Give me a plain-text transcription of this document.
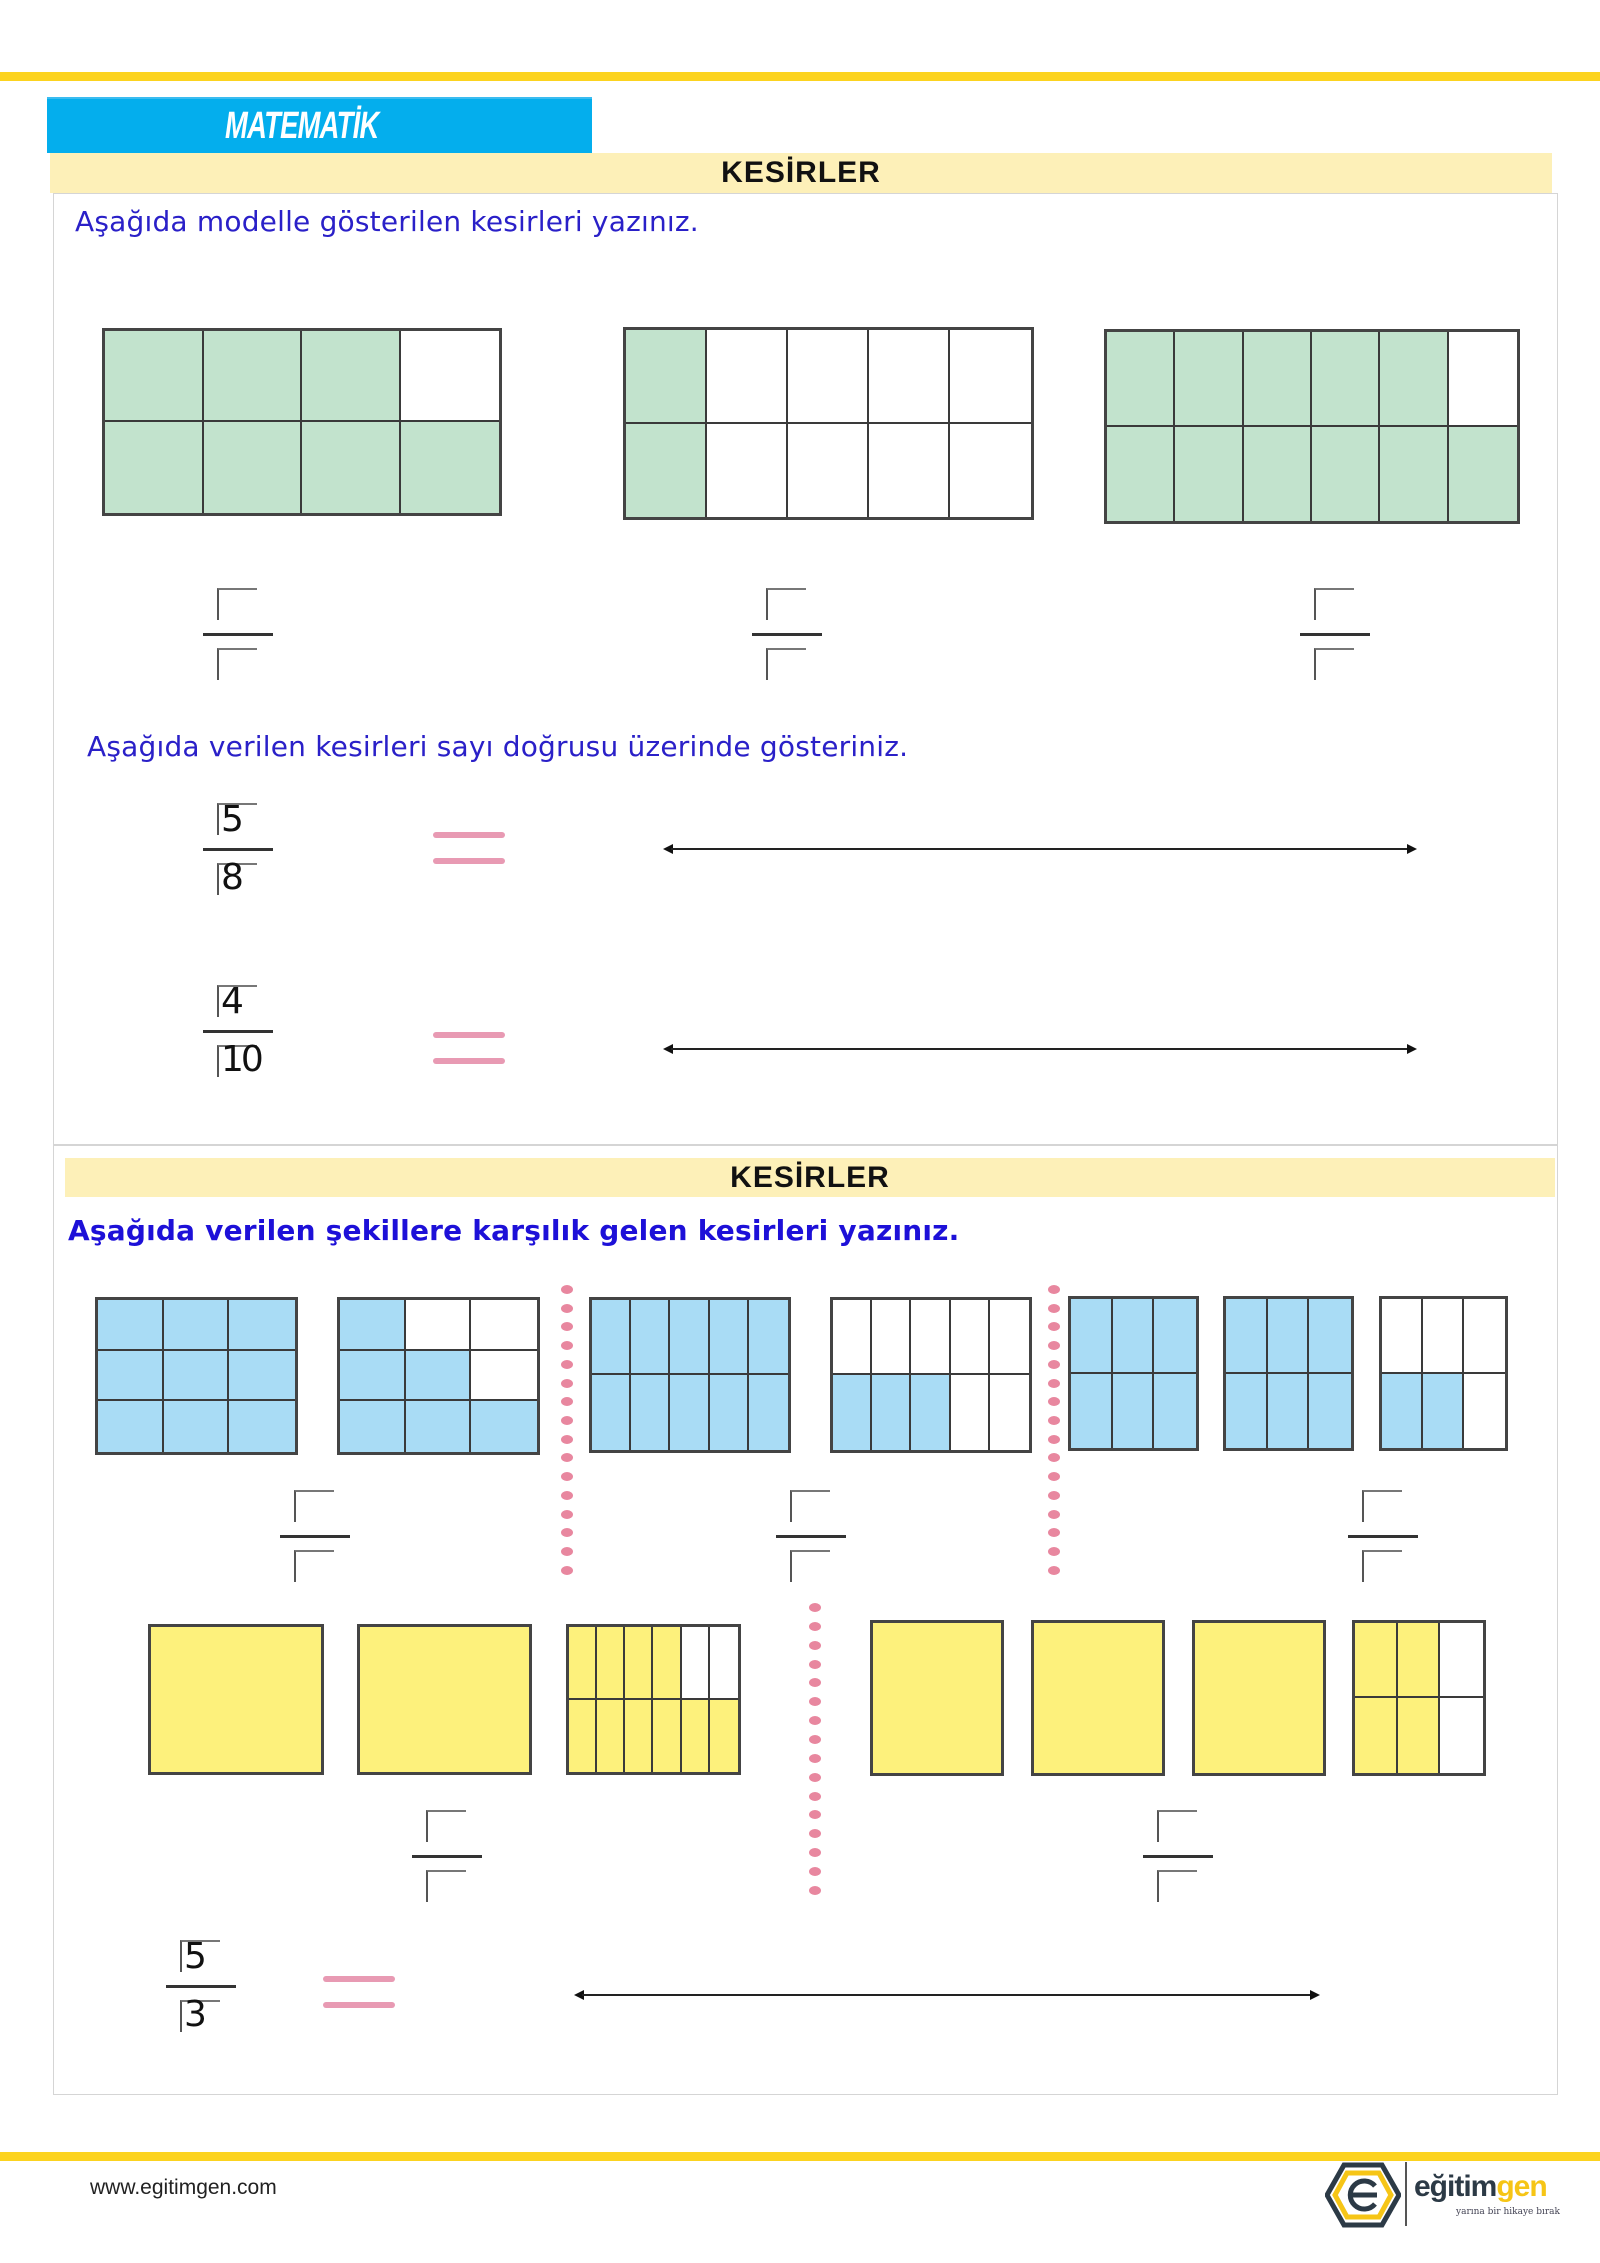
MATEMATİK
KESİRLER
Aşağıda modelle gösterilen kesirleri yazınız.
Aşağıda verilen kesirleri sayı doğrusu üzerinde gösteriniz.
5
8
4
10
KESİRLER
Aşağıda verilen şekillere karşılık gelen kesirleri yazınız.
5
3
www.egitimgen.com	eğitimgen
yarına bir hikaye bırak
